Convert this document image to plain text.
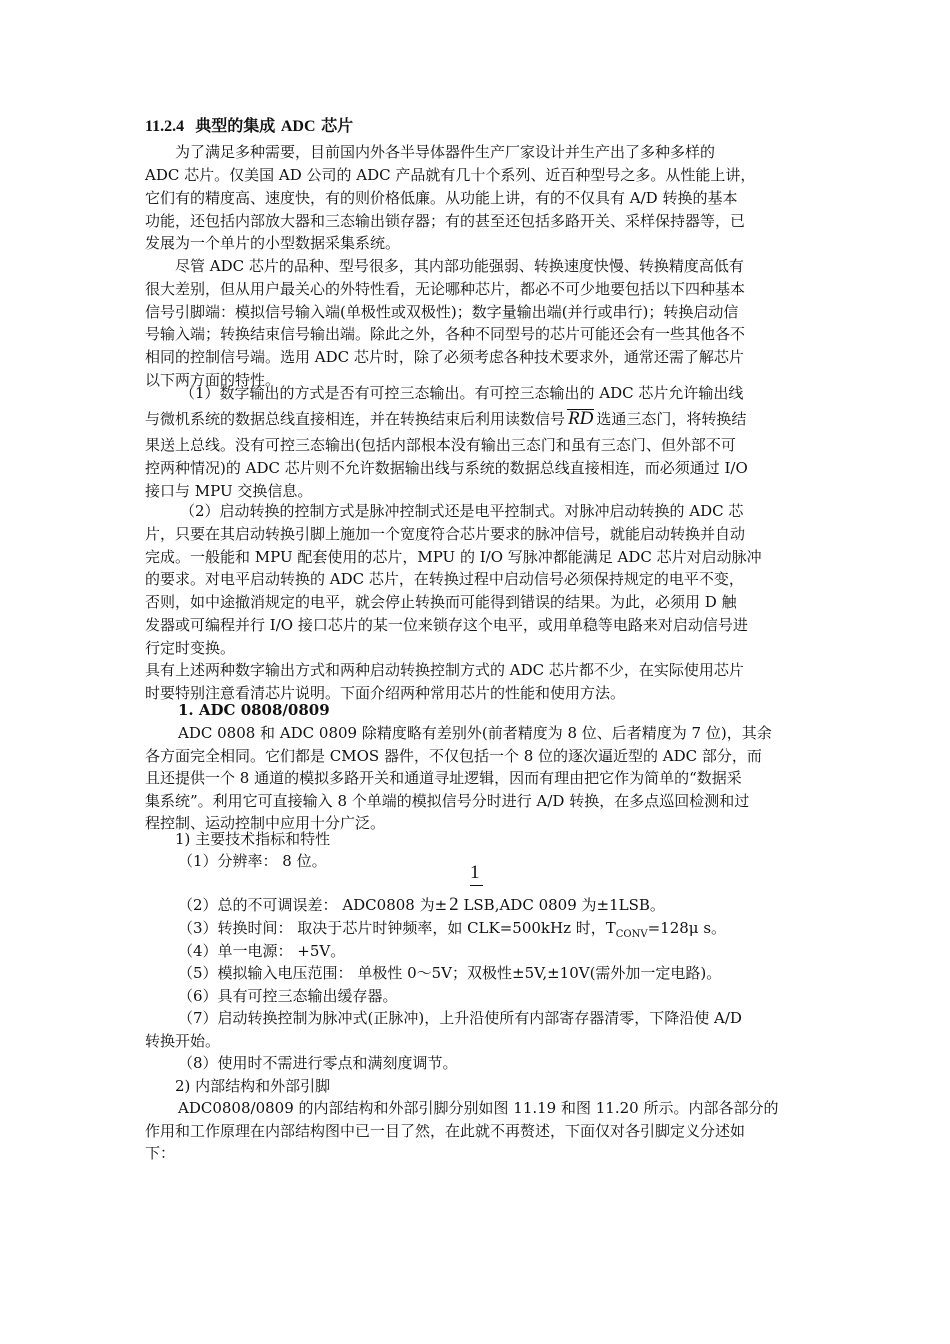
11.2.4 典型的集成 ADC 芯片
为了满足多种需要，目前国内外各半导体器件生产厂家设计并生产出了多种多样的
ADC 芯片。仅美国 AD 公司的 ADC 产品就有几十个系列、近百种型号之多。从性能上讲，
它们有的精度高、速度快，有的则价格低廉。从功能上讲，有的不仅具有 A/D 转换的基本
功能，还包括内部放大器和三态输出锁存器；有的甚至还包括多路开关、采样保持器等，已
发展为一个单片的小型数据采集系统。
尽管 ADC 芯片的品种、型号很多，其内部功能强弱、转换速度快慢、转换精度高低有
很大差别，但从用户最关心的外特性看，无论哪种芯片，都必不可少地要包括以下四种基本
信号引脚端：模拟信号输入端(单极性或双极性)；数字量输出端(并行或串行)；转换启动信
号输入端；转换结束信号输出端。除此之外，各种不同型号的芯片可能还会有一些其他各不
相同的控制信号端。选用 ADC 芯片时，除了必须考虑各种技术要求外，通常还需了解芯片
以下两方面的特性。
（1）数字输出的方式是否有可控三态输出。有可控三态输出的 ADC 芯片允许输出线
与微机系统的数据总线直接相连，并在转换结束后利用读数信号 RD 选通三态门，将转换结
果送上总线。没有可控三态输出(包括内部根本没有输出三态门和虽有三态门、但外部不可
控两种情况)的 ADC 芯片则不允许数据输出线与系统的数据总线直接相连，而必须通过 I/O
接口与 MPU 交换信息。
（2）启动转换的控制方式是脉冲控制式还是电平控制式。对脉冲启动转换的 ADC 芯
片，只要在其启动转换引脚上施加一个宽度符合芯片要求的脉冲信号，就能启动转换并自动
完成。一般能和 MPU 配套使用的芯片，MPU 的 I/O 写脉冲都能满足 ADC 芯片对启动脉冲
的要求。对电平启动转换的 ADC 芯片，在转换过程中启动信号必须保持规定的电平不变，
否则，如中途撤消规定的电平，就会停止转换而可能得到错误的结果。为此，必须用 D 触
发器或可编程并行 I/O 接口芯片的某一位来锁存这个电平，或用单稳等电路来对启动信号进
行定时变换。
具有上述两种数字输出方式和两种启动转换控制方式的 ADC 芯片都不少，在实际使用芯片
时要特别注意看清芯片说明。下面介绍两种常用芯片的性能和使用方法。
1. ADC 0808/0809
ADC 0808 和 ADC 0809 除精度略有差别外(前者精度为 8 位、后者精度为 7 位)，其余
各方面完全相同。它们都是 CMOS 器件，不仅包括一个 8 位的逐次逼近型的 ADC 部分，而
且还提供一个 8 通道的模拟多路开关和通道寻址逻辑，因而有理由把它作为简单的“数据采
集系统”。利用它可直接输入 8 个单端的模拟信号分时进行 A/D 转换，在多点巡回检测和过
程控制、运动控制中应用十分广泛。
1) 主要技术指标和特性
（1）分辨率： 8 位。
1
（2）总的不可调误差： ADC0808 为± 2 LSB,ADC 0809 为±1LSB。
（3）转换时间： 取决于芯片时钟频率，如 CLK=500kHz 时，$T_{CONV}=128\mu$ s。
（4）单一电源： +5V。
（5）模拟输入电压范围： 单极性 0～5V；双极性±5V,±10V(需外加一定电路)。
（6）具有可控三态输出缓存器。
（7）启动转换控制为脉冲式(正脉冲)，上升沿使所有内部寄存器清零，下降沿使 A/D
转换开始。
（8）使用时不需进行零点和满刻度调节。
2) 内部结构和外部引脚
ADC0808/0809 的内部结构和外部引脚分别如图 11.19 和图 11.20 所示。内部各部分的
作用和工作原理在内部结构图中已一目了然，在此就不再赘述，下面仅对各引脚定义分述如
下：
